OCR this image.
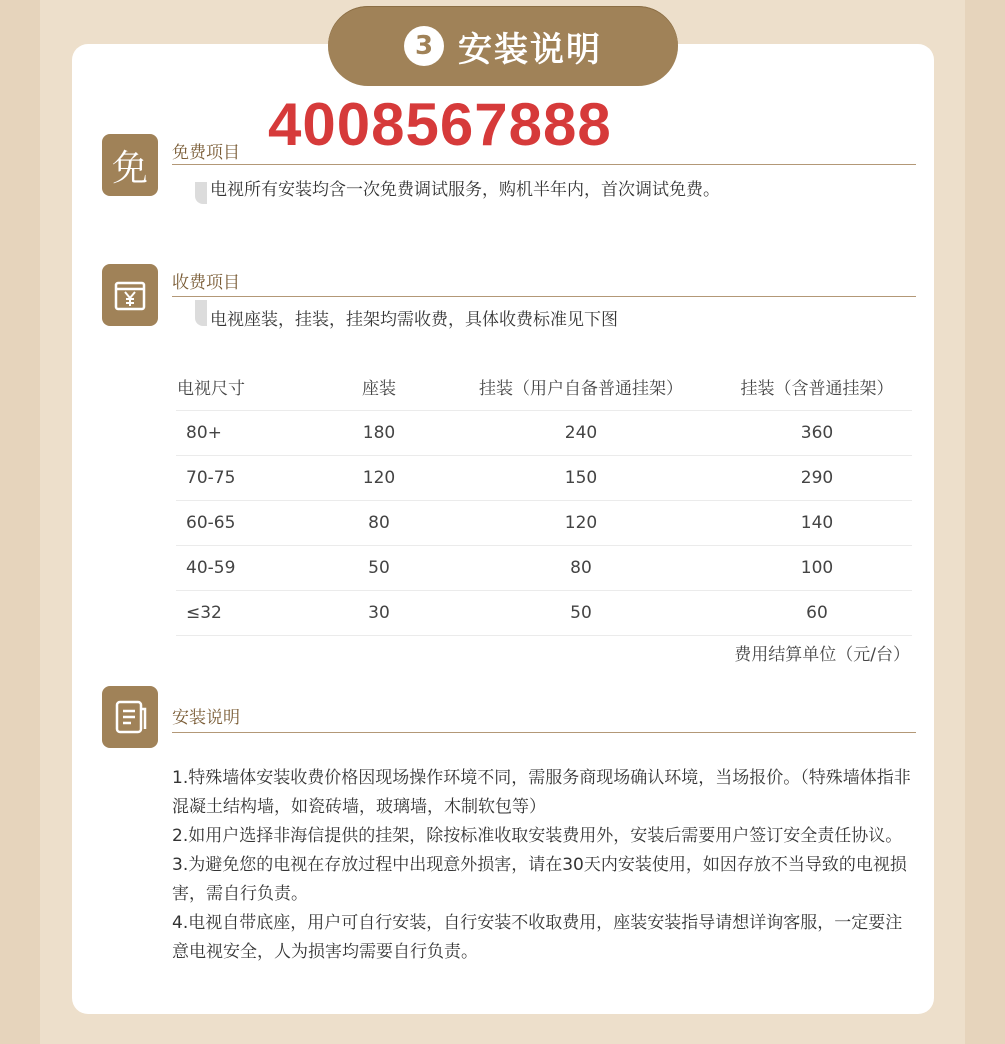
3 安装说明
4008567888
免 免费项目
电视所有安装均含一次免费调试服务，购机半年内，首次调试免费。
收费项目
电视座装，挂装，挂架均需收费，具体收费标准见下图
电视尺寸	座装	挂装（用户自备普通挂架）	挂装（含普通挂架）
80+	180	240	360
70-75	120	150	290
60-65	80	120	140
40-59	50	80	100
≤32	30	50	60
费用结算单位（元/台）
安装说明

1.特殊墙体安装收费价格因现场操作环境不同，需服务商现场确认环境，当场报价。（特殊墙体指非混凝土结构墙，如瓷砖墙，玻璃墙，木制软包等）

2.如用户选择非海信提供的挂架，除按标准收取安装费用外，安装后需要用户签订安全责任协议。

3.为避免您的电视在存放过程中出现意外损害，请在30天内安装使用，如因存放不当导致的电视损害，需自行负责。

4.电视自带底座，用户可自行安装，自行安装不收取费用，座装安装指导请想详询客服，一定要注意电视安全，人为损害均需要自行负责。
